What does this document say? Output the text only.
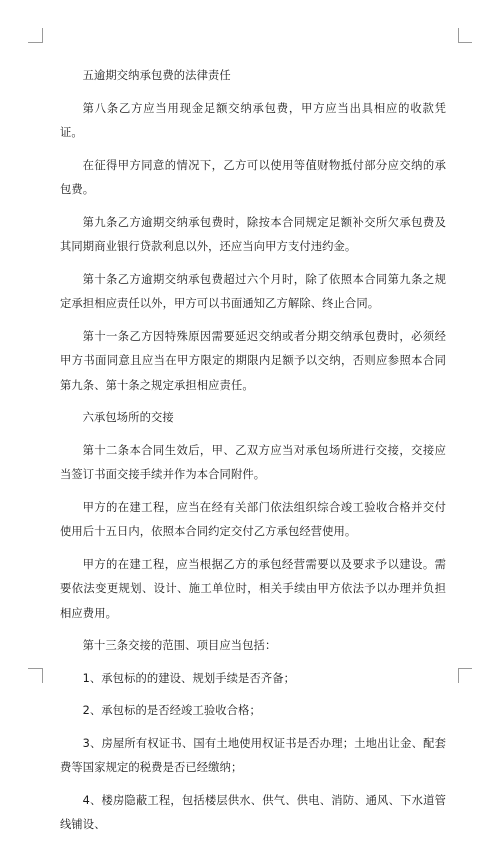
五逾期交纳承包费的法律责任

第八条乙方应当用现金足额交纳承包费，甲方应当出具相应的收款凭证。

在征得甲方同意的情况下，乙方可以使用等值财物抵付部分应交纳的承包费。

第九条乙方逾期交纳承包费时，除按本合同规定足额补交所欠承包费及其同期商业银行贷款利息以外，还应当向甲方支付违约金。

第十条乙方逾期交纳承包费超过六个月时，除了依照本合同第九条之规定承担相应责任以外，甲方可以书面通知乙方解除、终止合同。

第十一条乙方因特殊原因需要延迟交纳或者分期交纳承包费时，必须经甲方书面同意且应当在甲方限定的期限内足额予以交纳，否则应参照本合同第九条、第十条之规定承担相应责任。

六承包场所的交接

第十二条本合同生效后，甲、乙双方应当对承包场所进行交接，交接应当签订书面交接手续并作为本合同附件。

甲方的在建工程，应当在经有关部门依法组织综合竣工验收合格并交付使用后十五日内，依照本合同约定交付乙方承包经营使用。

甲方的在建工程，应当根据乙方的承包经营需要以及要求予以建设。需要依法变更规划、设计、施工单位时，相关手续由甲方依法予以办理并负担相应费用。

第十三条交接的范围、项目应当包括：

1、承包标的的建设、规划手续是否齐备；

2、承包标的是否经竣工验收合格；

3、房屋所有权证书、国有土地使用权证书是否办理；土地出让金、配套费等国家规定的税费是否已经缴纳；

4、楼房隐蔽工程，包括楼层供水、供气、供电、消防、通风、下水道管线铺设、
